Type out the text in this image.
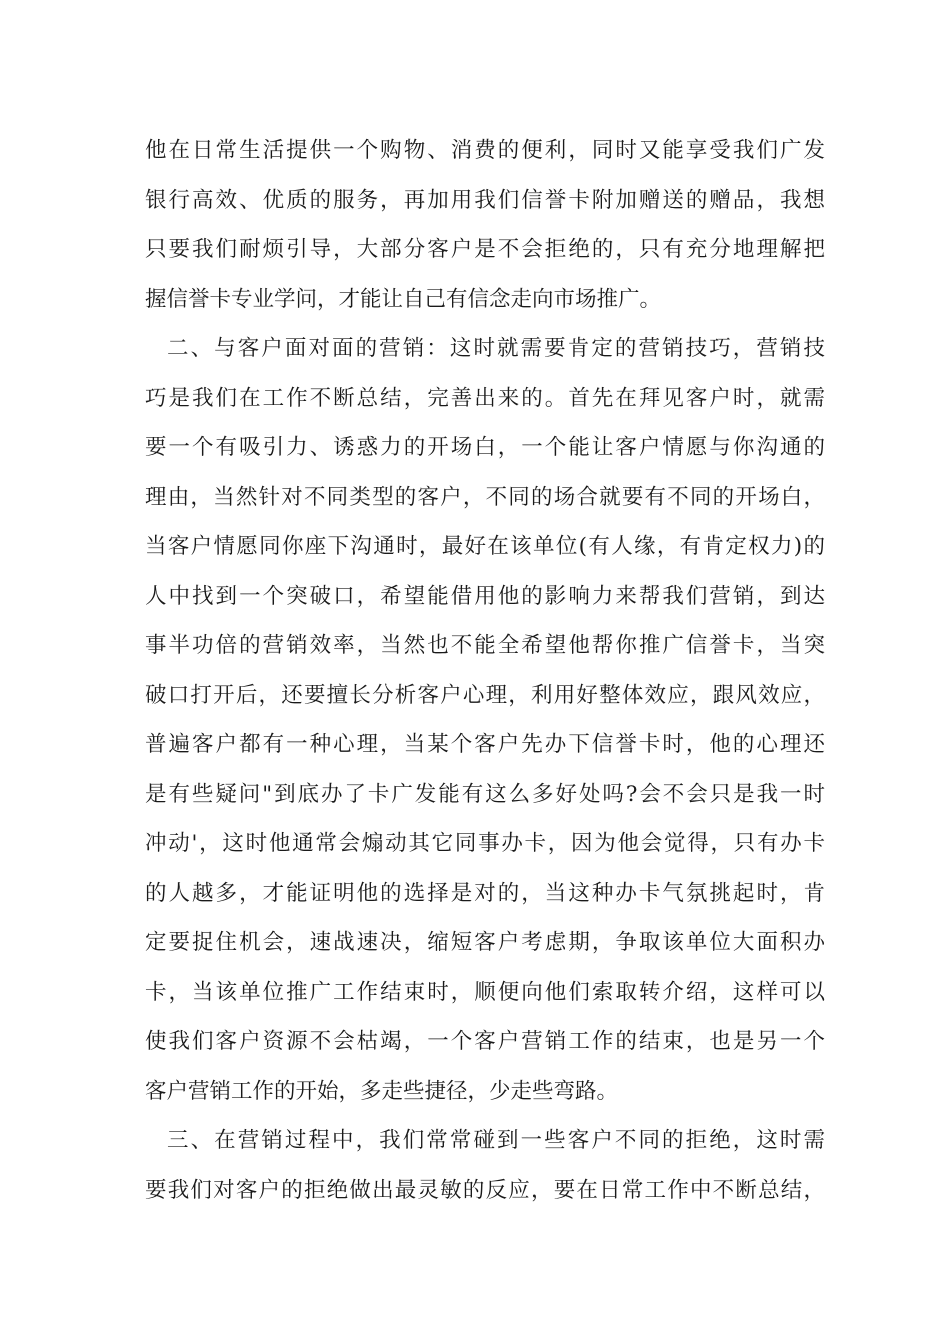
他在日常生活提供一个购物、消费的便利，同时又能享受我们广发
银行高效、优质的服务，再加用我们信誉卡附加赠送的赠品，我想
只要我们耐烦引导，大部分客户是不会拒绝的，只有充分地理解把
握信誉卡专业学问，才能让自己有信念走向市场推广。
二、与客户面对面的营销：这时就需要肯定的营销技巧，营销技
巧是我们在工作不断总结，完善出来的。首先在拜见客户时，就需
要一个有吸引力、诱惑力的开场白，一个能让客户情愿与你沟通的
理由，当然针对不同类型的客户，不同的场合就要有不同的开场白，
当客户情愿同你座下沟通时，最好在该单位(有人缘，有肯定权力)的
人中找到一个突破口，希望能借用他的影响力来帮我们营销，到达
事半功倍的营销效率，当然也不能全希望他帮你推广信誉卡，当突
破口打开后，还要擅长分析客户心理，利用好整体效应，跟风效应，
普遍客户都有一种心理，当某个客户先办下信誉卡时，他的心理还
是有些疑问"到底办了卡广发能有这么多好处吗?会不会只是我一时
冲动'，这时他通常会煽动其它同事办卡，因为他会觉得，只有办卡
的人越多，才能证明他的选择是对的，当这种办卡气氛挑起时，肯
定要捉住机会，速战速决，缩短客户考虑期，争取该单位大面积办
卡，当该单位推广工作结束时，顺便向他们索取转介绍，这样可以
使我们客户资源不会枯竭，一个客户营销工作的结束，也是另一个
客户营销工作的开始，多走些捷径，少走些弯路。
三、在营销过程中，我们常常碰到一些客户不同的拒绝，这时需
要我们对客户的拒绝做出最灵敏的反应，要在日常工作中不断总结，
